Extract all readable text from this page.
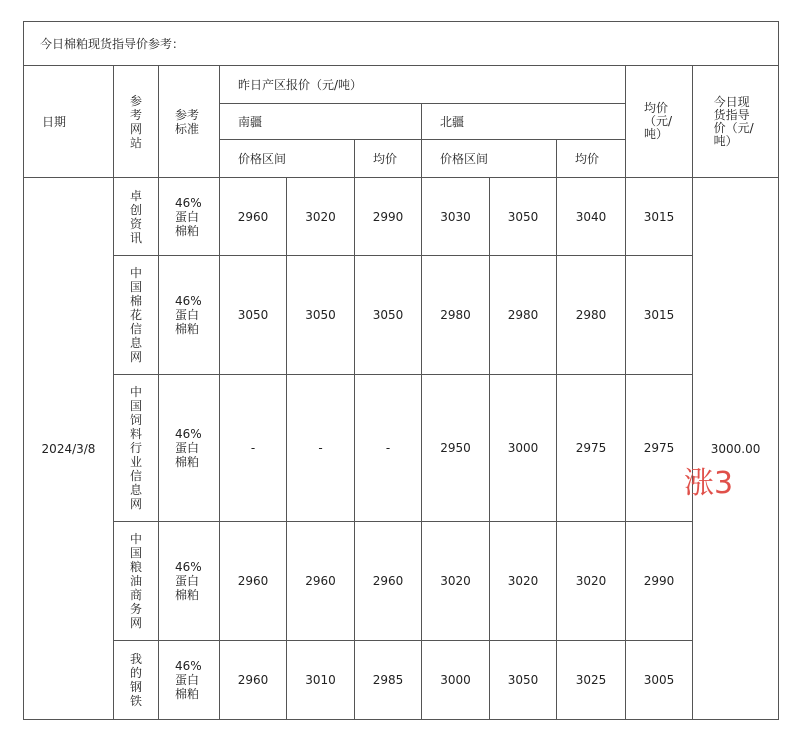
今日棉粕现货指导价参考：										
日期	参考网站	参考标准	昨日产区报价（元/吨）						均价（元/吨）	今日现货指导价（元/吨）

			南疆			北疆				
			价格区间		均价	价格区间		均价		
2024/3/8	卓创资讯	46%蛋白棉粕	2960	3020	2990	3030	3050	3040	3015	3000.00

	中国棉花信息网	46%蛋白棉粕	3050	3050	3050	2980	2980	2980	3015	

	中国饲料行业信息网	46%蛋白棉粕	-	-	-	2950	3000	2975	2975	

	中国粮油商务网	46%蛋白棉粕	2960	2960	2960	3020	3020	3020	2990	

	我的钢铁	46%蛋白棉粕	2960	3010	2985	3000	3050	3025	3005	
涨3
